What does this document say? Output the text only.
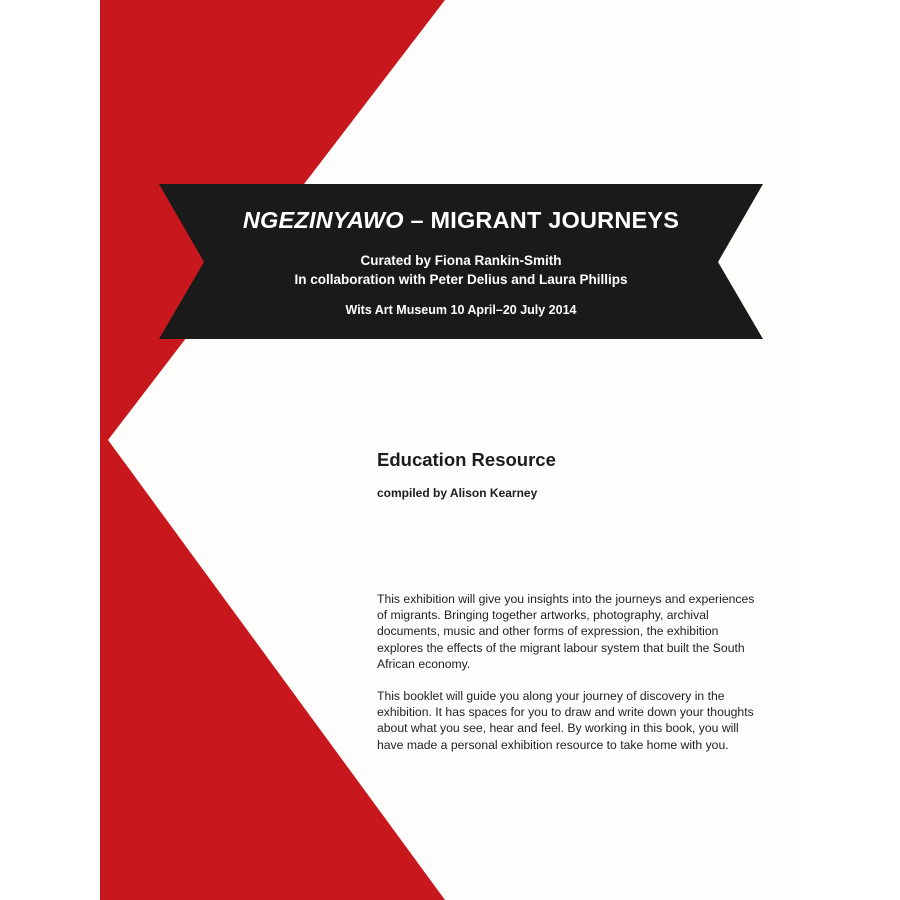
NGEZINYAWO – MIGRANT JOURNEYS
Curated by Fiona Rankin-Smith
In collaboration with Peter Delius and Laura Phillips
Wits Art Museum 10 April–20 July 2014
Education Resource
compiled by Alison Kearney

This exhibition will give you insights into the journeys and experiences of migrants. Bringing together artworks, photography, archival documents, music and other forms of expression, the exhibition explores the effects of the migrant labour system that built the South African economy.

This booklet will guide you along your journey of discovery in the exhibition. It has spaces for you to draw and write down your thoughts about what you see, hear and feel. By working in this book, you will have made a personal exhibition resource to take home with you.
